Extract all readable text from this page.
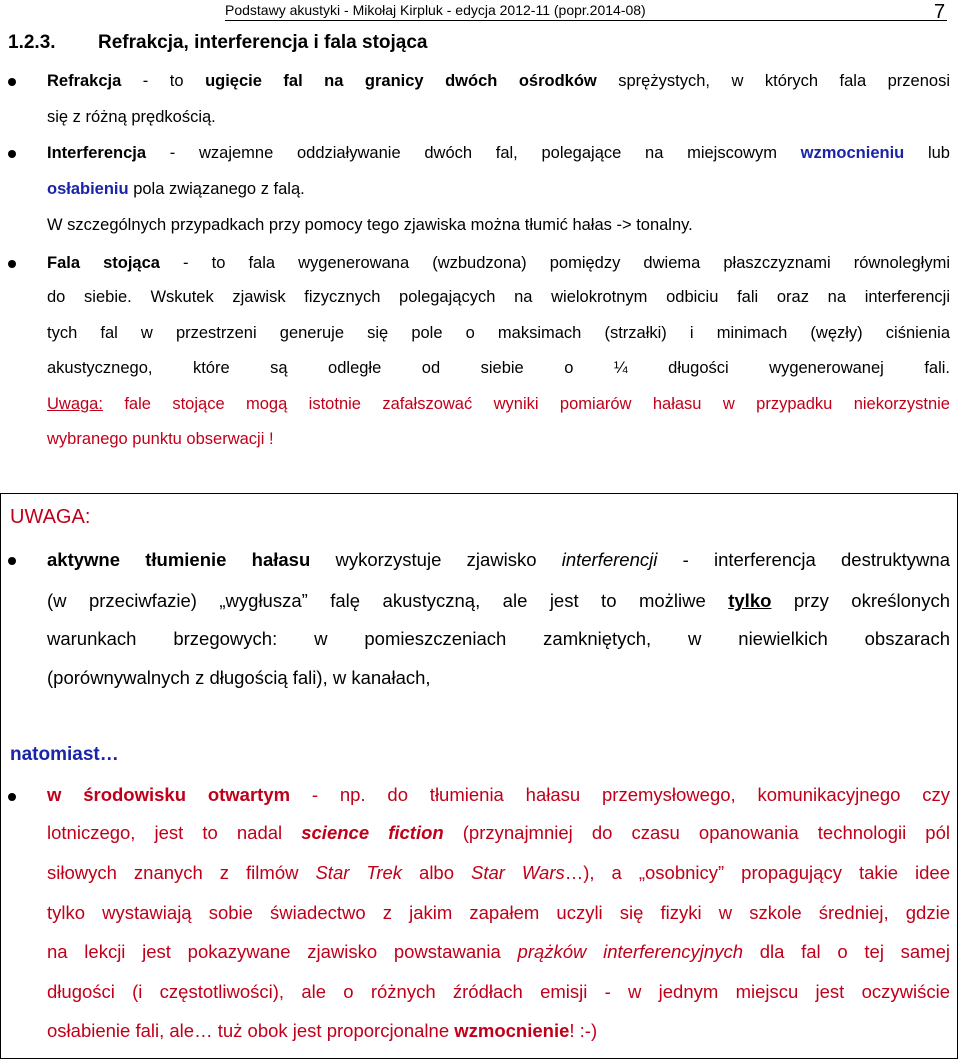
Podstawy akustyki - Mikołaj Kirpluk - edycja 2012-11 (popr.2014-08)	7
1.2.3. Refrakcja, interferencja i fala stojąca
Refrakcja - to ugięcie fal na granicy dwóch ośrodków sprężystych, w których fala przenosi
się z różną prędkością.
Interferencja - wzajemne oddziaływanie dwóch fal, polegające na miejscowym wzmocnieniu lub
osłabieniu pola związanego z falą.
W szczególnych przypadkach przy pomocy tego zjawiska można tłumić hałas -> tonalny.
Fala stojąca - to fala wygenerowana (wzbudzona) pomiędzy dwiema płaszczyznami równoległymi
do siebie. Wskutek zjawisk fizycznych polegających na wielokrotnym odbiciu fali oraz na interferencji
tych fal w przestrzeni generuje się pole o maksimach (strzałki) i minimach (węzły) ciśnienia
akustycznego, które są odległe od siebie o ¼ długości wygenerowanej fali.
Uwaga: fale stojące mogą istotnie zafałszować wyniki pomiarów hałasu w przypadku niekorzystnie
wybranego punktu obserwacji !
UWAGA:
aktywne tłumienie hałasu wykorzystuje zjawisko interferencji - interferencja destruktywna
(w przeciwfazie) „wygłusza” falę akustyczną, ale jest to możliwe tylko przy określonych
warunkach brzegowych: w pomieszczeniach zamkniętych, w niewielkich obszarach
(porównywalnych z długością fali), w kanałach,
natomiast…
w środowisku otwartym - np. do tłumienia hałasu przemysłowego, komunikacyjnego czy
lotniczego, jest to nadal science fiction (przynajmniej do czasu opanowania technologii pól
siłowych znanych z filmów Star Trek albo Star Wars…), a „osobnicy” propagujący takie idee
tylko wystawiają sobie świadectwo z jakim zapałem uczyli się fizyki w szkole średniej, gdzie
na lekcji jest pokazywane zjawisko powstawania prążków interferencyjnych dla fal o tej samej
długości (i częstotliwości), ale o różnych źródłach emisji - w jednym miejscu jest oczywiście
osłabienie fali, ale… tuż obok jest proporcjonalne wzmocnienie! :-)
